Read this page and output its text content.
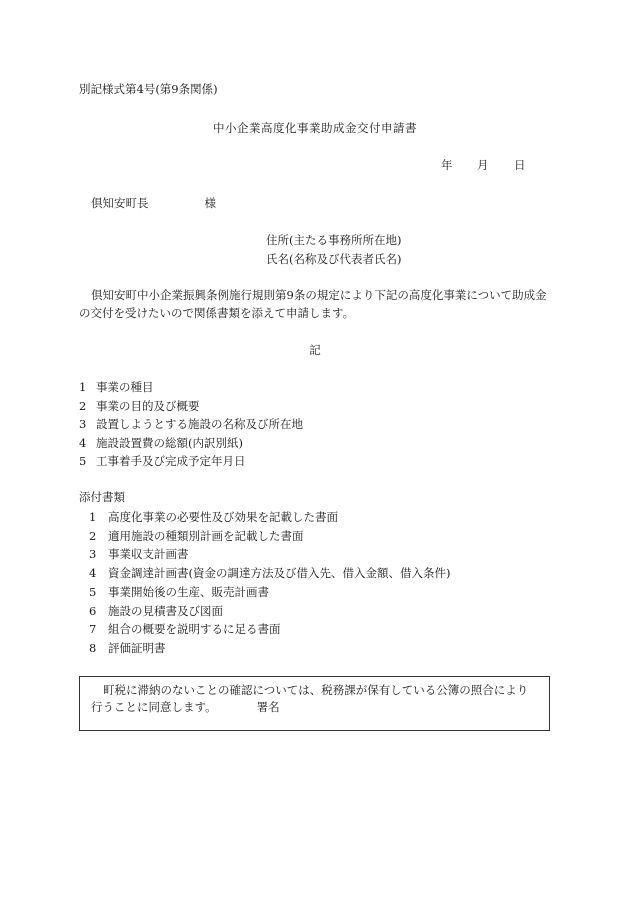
別記様式第4号(第9条関係)
中小企業高度化事業助成金交付申請書
年 月 日
倶知安町長	様
住所(主たる事務所所在地)
氏名(名称及び代表者氏名)
倶知安町中小企業振興条例施行規則第9条の規定により下記の高度化事業について助成金の交付を受けたいので関係書類を添えて申請します。
記
1 事業の種目
2 事業の目的及び概要
3 設置しようとする施設の名称及び所在地
4 施設設置費の総額(内訳別紙)
5 工事着手及び完成予定年月日
添付書類
1 高度化事業の必要性及び効果を記載した書面
2 適用施設の種類別計画を記載した書面
3 事業収支計画書
4 資金調達計画書(資金の調達方法及び借入先、借入金額、借入条件)
5 事業開始後の生産、販売計画書
6 施設の見積書及び図面
7 組合の概要を説明するに足る書面
8 評価証明書
町税に滞納のないことの確認については、税務課が保有している公簿の照合により
行うことに同意します。	署名
